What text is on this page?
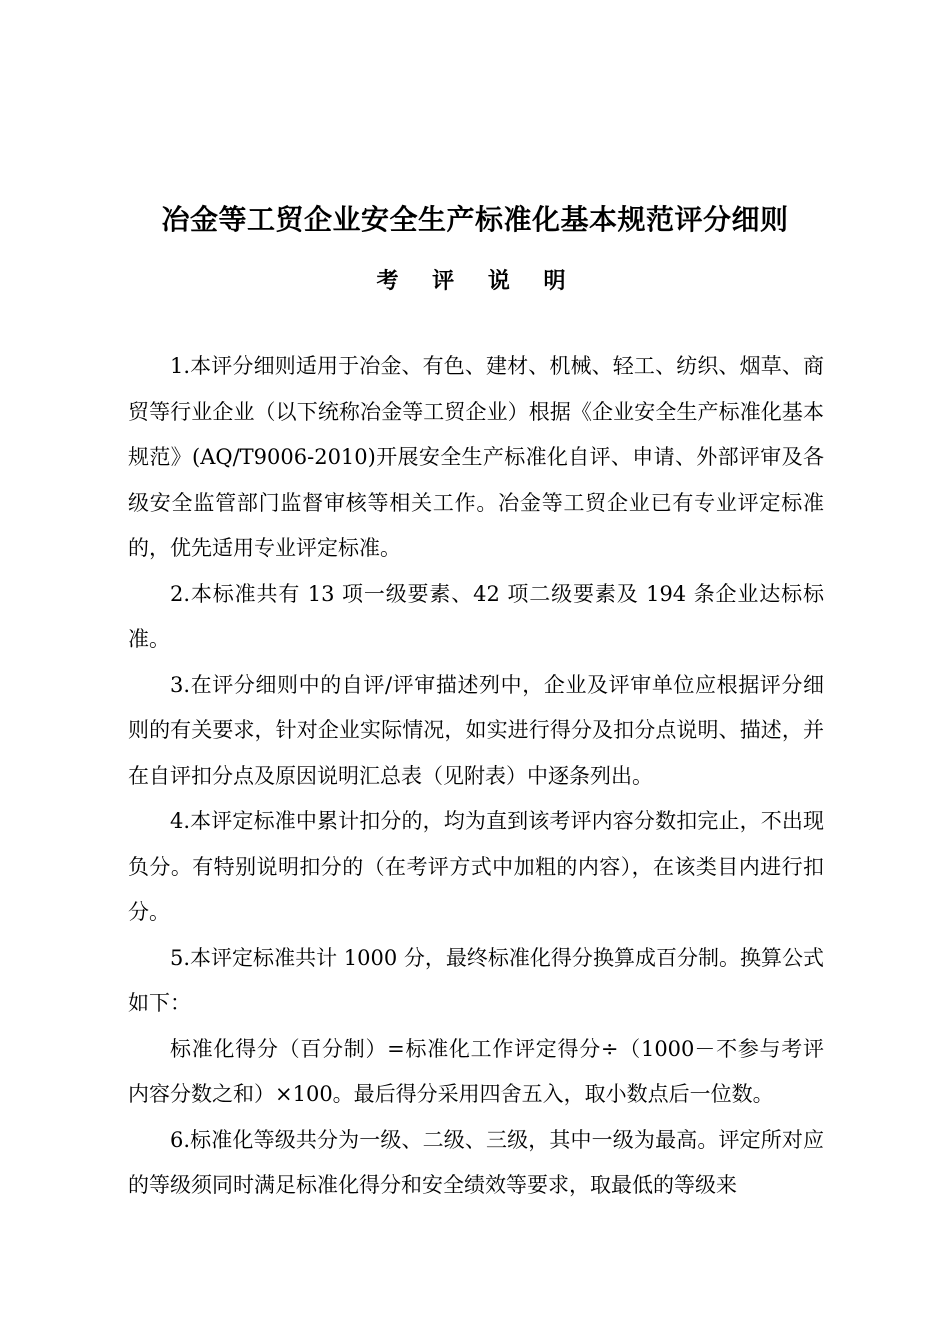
冶金等工贸企业安全生产标准化基本规范评分细则
考 评 说 明

1.本评分细则适用于冶金、有色、建材、机械、轻工、纺织、烟草、商贸等行业企业（以下统称冶金等工贸企业）根据《企业安全生产标准化基本规范》(AQ/T9006-2010)开展安全生产标准化自评、申请、外部评审及各级安全监管部门监督审核等相关工作。冶金等工贸企业已有专业评定标准的，优先适用专业评定标准。

2.本标准共有 13 项一级要素、42 项二级要素及 194 条企业达标标准。

3.在评分细则中的自评/评审描述列中，企业及评审单位应根据评分细则的有关要求，针对企业实际情况，如实进行得分及扣分点说明、描述，并在自评扣分点及原因说明汇总表（见附表）中逐条列出。

4.本评定标准中累计扣分的，均为直到该考评内容分数扣完止，不出现负分。有特别说明扣分的（在考评方式中加粗的内容），在该类目内进行扣分。

5.本评定标准共计 1000 分，最终标准化得分换算成百分制。换算公式如下：

标准化得分（百分制）=标准化工作评定得分÷（1000－不参与考评内容分数之和）×100。最后得分采用四舍五入，取小数点后一位数。

6.标准化等级共分为一级、二级、三级，其中一级为最高。评定所对应的等级须同时满足标准化得分和安全绩效等要求，取最低的等级来
